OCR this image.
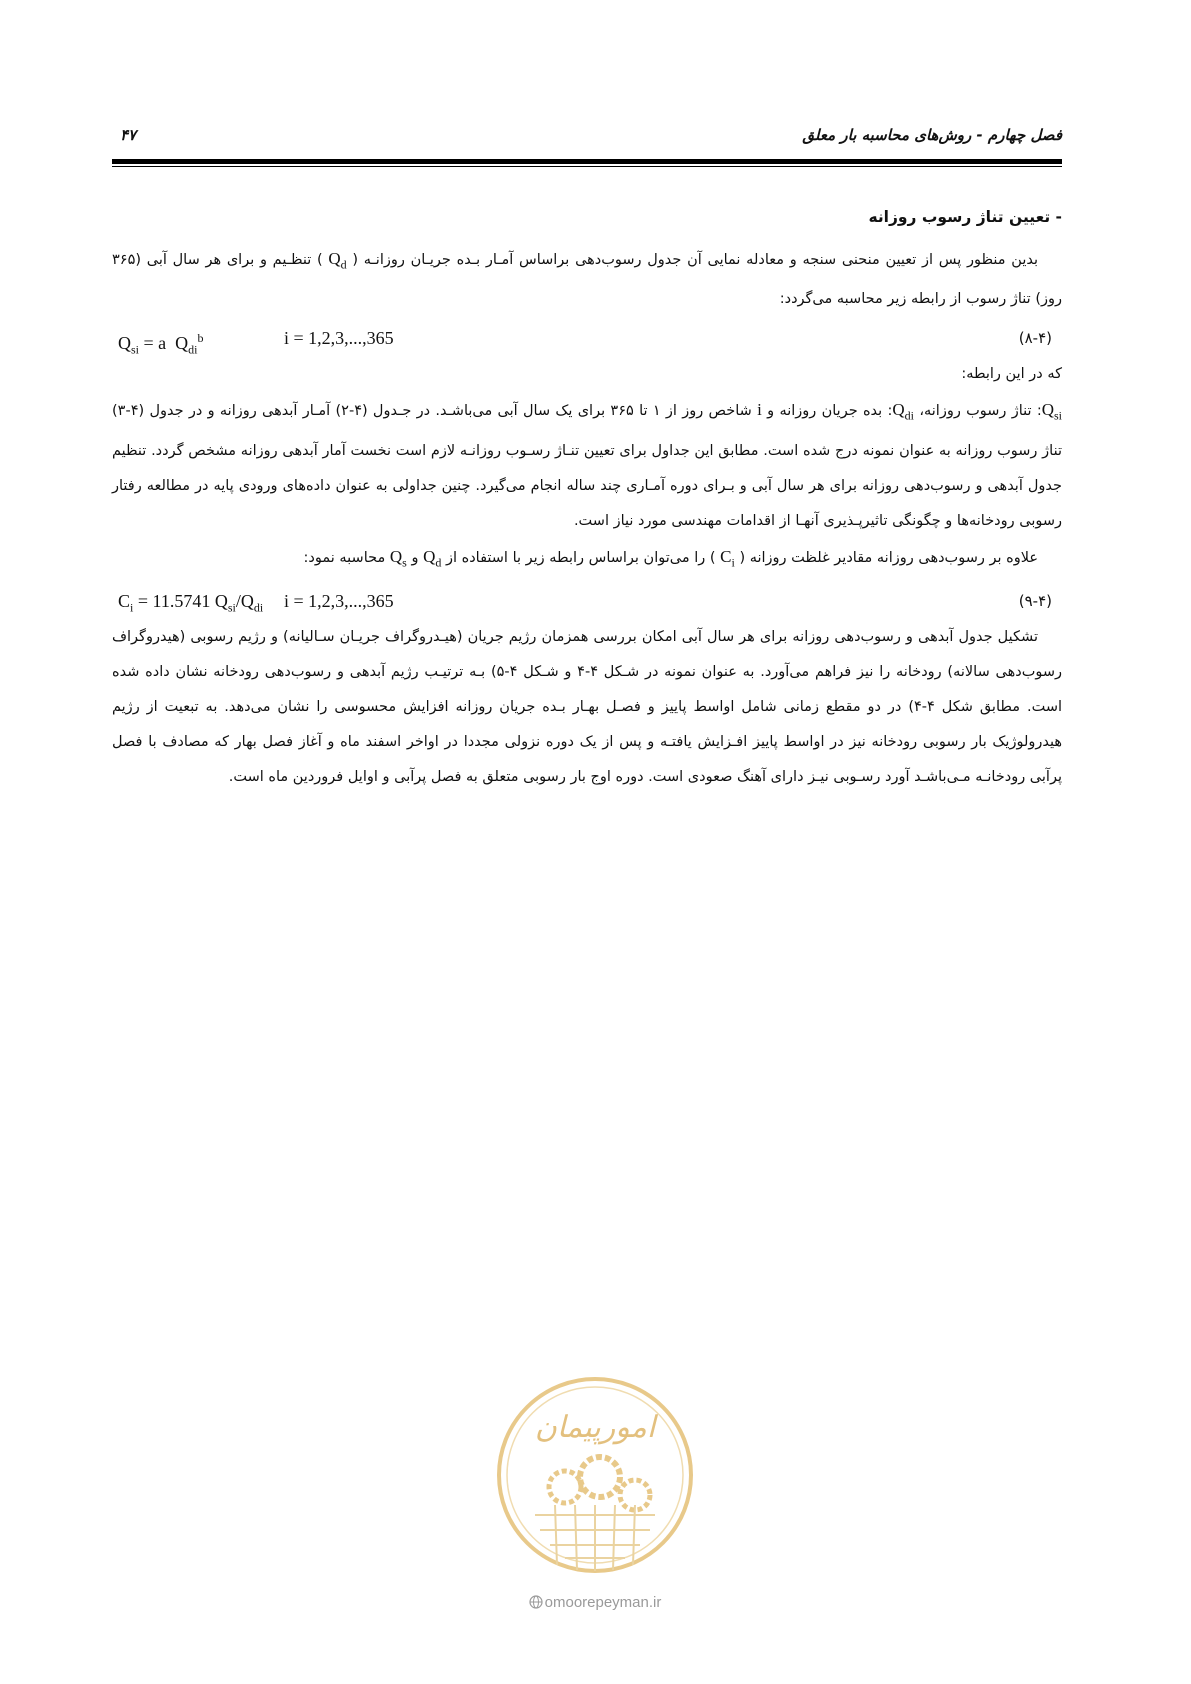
فصل چهارم - روش‌های محاسبه بار معلق
۴۷

- تعیین تناژ رسوب روزانه

بدین منظور پس از تعیین منحنی سنجه و معادله نمایی آن جدول رسوب‌دهی براساس آمـار بـده جریـان روزانـه ( $Q_d$ ) تنظـیم و برای هر سال آبی (۳۶۵ روز) تناژ رسوب از رابطه زیر محاسبه می‌گردد:

$Q_{si} = a$  $Q_{di}^b$	i = 1,2,3,...,365	(۸-۴)

که در این رابطه:

$Q_{si}$: تناژ رسوب روزانه، $Q_{di}$: بده جریان روزانه و i شاخص روز از ۱ تا ۳۶۵ برای یک سال آبی می‌باشـد. در جـدول (۴-۲) آمـار آبدهی روزانه و در جدول (۴-۳) تناژ رسوب روزانه به عنوان نمونه درج شده است. مطابق این جداول برای تعیین تنـاژ رسـوب روزانـه لازم است نخست آمار آبدهی روزانه مشخص گردد. تنظیم جدول آبدهی و رسوب‌دهی روزانه برای هر سال آبی و بـرای دوره آمـاری چند ساله انجام می‌گیرد. چنین جداولی به عنوان داده‌های ورودی پایه در مطالعه رفتار رسوبی رودخانه‌ها و چگونگی تاثیرپـذیری آنهـا از اقدامات مهندسی مورد نیاز است.

علاوه بر رسوب‌دهی روزانه مقادیر غلظت روزانه ( $C_i$ ) را می‌توان براساس رابطه زیر با استفاده از $Q_d$ و $Q_s$ محاسبه نمود:

$C_i = 11.5741$ $Q_{si}/Q_{di}$ i = 1,2,3,...,365	(۹-۴)

تشکیل جدول آبدهی و رسوب‌دهی روزانه برای هر سال آبی امکان بررسی همزمان رژیم جریان (هیـدروگراف جریـان سـالیانه) و رژیم رسوبی (هیدروگراف رسوب‌دهی سالانه) رودخانه را نیز فراهم می‌آورد. به عنوان نمونه در شـکل ۴-۴ و شـکل ۴-۵) بـه ترتیـب رژیم آبدهی و رسوب‌دهی رودخانه نشان داده شده است. مطابق شکل ۴-۴) در دو مقطع زمانی شامل اواسط پاییز و فصـل بهـار بـده جریان روزانه افزایش محسوسی را نشان می‌دهد. به تبعیت از رژیم هیدرولوژیک بار رسوبی رودخانه نیز در اواسط پاییز افـزایش یافتـه و پس از یک دوره نزولی مجددا در اواخر اسفند ماه و آغاز فصل بهار که مصادف با فصل پرآبی رودخانـه مـی‌باشـد آورد رسـوبی نیـز دارای آهنگ صعودی است. دوره اوج بار رسوبی متعلق به فصل پرآبی و اوایل فروردین ماه است.

امورپیمان
omoorepeyman.ir
